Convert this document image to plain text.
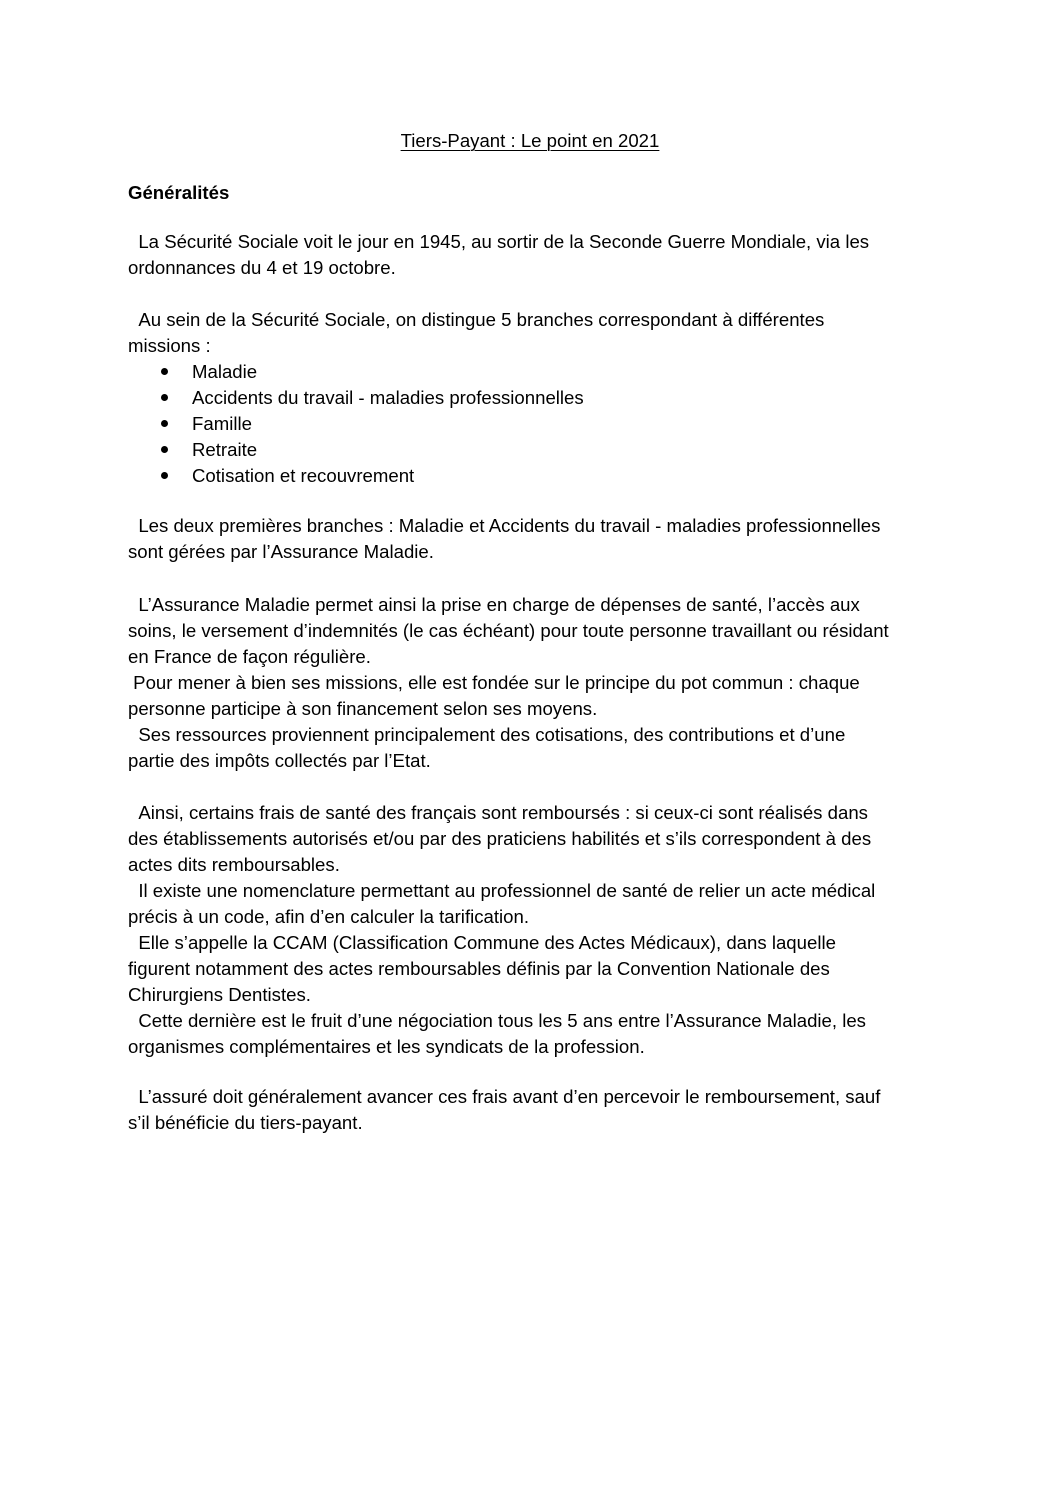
Tiers-Payant : Le point en 2021
Généralités

La Sécurité Sociale voit le jour en 1945, au sortir de la Seconde Guerre Mondiale, via les

ordonnances du 4 et 19 octobre.

Au sein de la Sécurité Sociale, on distingue 5 branches correspondant à différentes

missions :

Maladie
Accidents du travail - maladies professionnelles
Famille
Retraite
Cotisation et recouvrement

Les deux premières branches : Maladie et Accidents du travail - maladies professionnelles

sont gérées par l’Assurance Maladie.

L’Assurance Maladie permet ainsi la prise en charge de dépenses de santé, l’accès aux

soins, le versement d’indemnités (le cas échéant) pour toute personne travaillant ou résidant

en France de façon régulière.

Pour mener à bien ses missions, elle est fondée sur le principe du pot commun : chaque

personne participe à son financement selon ses moyens.

Ses ressources proviennent principalement des cotisations, des contributions et d’une

partie des impôts collectés par l’Etat.

Ainsi, certains frais de santé des français sont remboursés : si ceux-ci sont réalisés dans

des établissements autorisés et/ou par des praticiens habilités et s’ils correspondent à des

actes dits remboursables.

Il existe une nomenclature permettant au professionnel de santé de relier un acte médical

précis à un code, afin d’en calculer la tarification.

Elle s’appelle la CCAM (Classification Commune des Actes Médicaux), dans laquelle

figurent notamment des actes remboursables définis par la Convention Nationale des

Chirurgiens Dentistes.

Cette dernière est le fruit d’une négociation tous les 5 ans entre l’Assurance Maladie, les

organismes complémentaires et les syndicats de la profession.

L’assuré doit généralement avancer ces frais avant d’en percevoir le remboursement, sauf

s’il bénéficie du tiers-payant.
